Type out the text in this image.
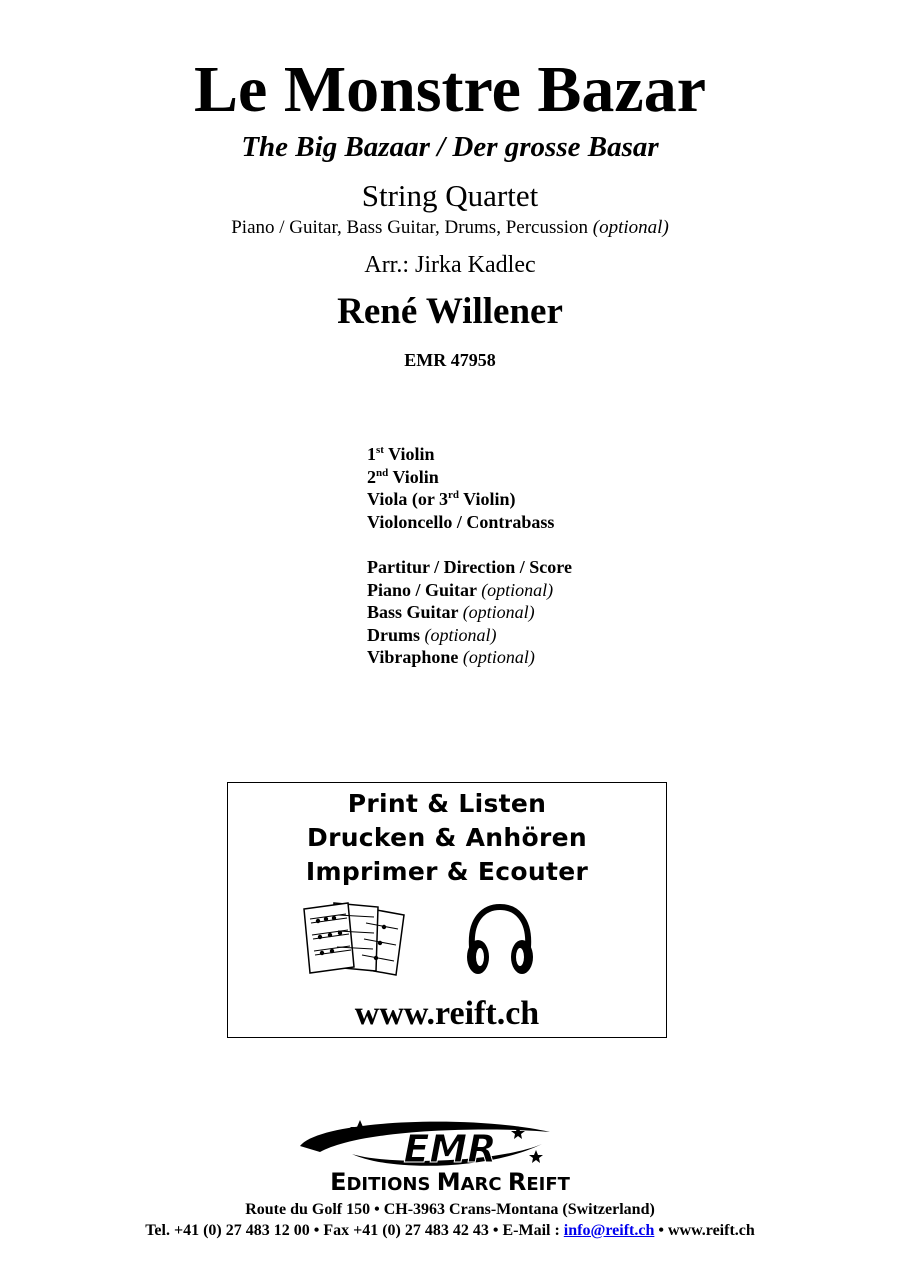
Le Monstre Bazar
The Big Bazaar / Der grosse Basar
String Quartet
Piano / Guitar, Bass Guitar, Drums, Percussion (optional)
Arr.: Jirka Kadlec
René Willener
EMR 47958
1st Violin
2nd Violin
Viola (or 3rd Violin)
Violoncello / Contrabass
Partitur / Direction / Score
Piano / Guitar (optional)
Bass Guitar (optional)
Drums (optional)
Vibraphone (optional)
Print & Listen
Drucken & Anhören
Imprimer & Ecouter
www.reift.ch
EMR
EDITIONS MARC REIFT
Route du Golf 150 • CH-3963 Crans-Montana (Switzerland)
Tel. +41 (0) 27 483 12 00 • Fax +41 (0) 27 483 42 43 • E-Mail : info@reift.ch • www.reift.ch
